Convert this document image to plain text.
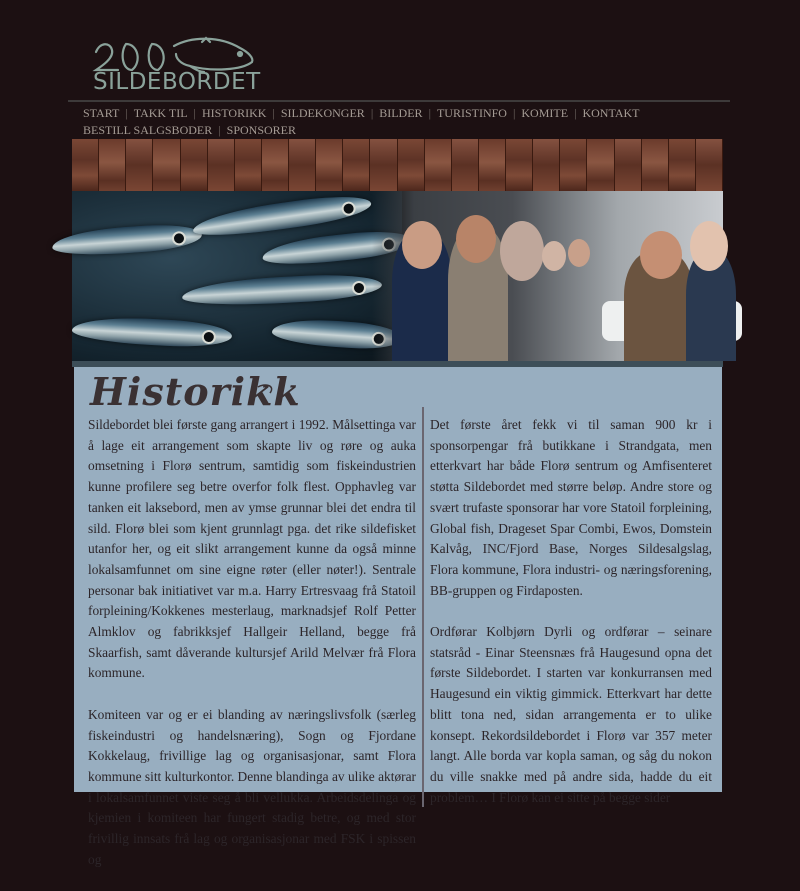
SILDEBORDET
START | TAKK TIL | HISTORIKK | SILDEKONGER | BILDER | TURISTINFO | KOMITE | KONTAKT
BESTILL SALGSBODER | SPONSORER
Historikk

Sildebordet blei første gang arrangert i 1992. Målsettinga var å lage eit arrangement som skapte liv og røre og auka omsetning i Florø sentrum, samtidig som fiskeindustrien kunne profilere seg betre overfor folk flest. Opphavleg var tanken eit laksebord, men av ymse grunnar blei det endra til sild. Florø blei som kjent grunnlagt pga. det rike sildefisket utanfor her, og eit slikt arrangement kunne da også minne lokalsamfunnet om sine eigne røter (eller nøter!). Sentrale personar bak initiativet var m.a. Harry Ertresvaag frå Statoil forpleining/Kokkenes mesterlaug, marknadsjef Rolf Petter Almklov og fabrikksjef Hallgeir Helland, begge frå Skaarfish, samt dåverande kultursjef Arild Melvær frå Flora kommune.

Komiteen var og er ei blanding av næringslivsfolk (særleg fiskeindustri og handelsnæring), Sogn og Fjordane Kokkelaug, frivillige lag og organisasjonar, samt Flora kommune sitt kulturkontor. Denne blandinga av ulike aktørar i lokalsamfunnet viste seg å bli vellukka. Arbeidsdelinga og kjemien i komiteen har fungert stadig betre, og med stor frivillig innsats frå lag og organisasjonar med FSK i spissen og

Det første året fekk vi til saman 900 kr i sponsorpengar frå butikkane i Strandgata, men etterkvart har både Florø sentrum og Amfisenteret støtta Sildebordet med større beløp. Andre store og svært trufaste sponsorar har vore Statoil forpleining, Global fish, Drageset Spar Combi, Ewos, Domstein Kalvåg, INC/Fjord Base, Norges Sildesalgslag, Flora kommune, Flora industri- og næringsforening, BB-gruppen og Firdaposten.

Ordførar Kolbjørn Dyrli og ordførar – seinare statsråd - Einar Steensnæs frå Haugesund opna det første Sildebordet. I starten var konkurransen med Haugesund ein viktig gimmick. Etterkvart har dette blitt tona ned, sidan arrangementa er to ulike konsept. Rekordsildebordet i Florø var 357 meter langt. Alle borda var kopla saman, og såg du nokon du ville snakke med på andre sida, hadde du eit problem… I Florø kan ei sitte på begge sider
